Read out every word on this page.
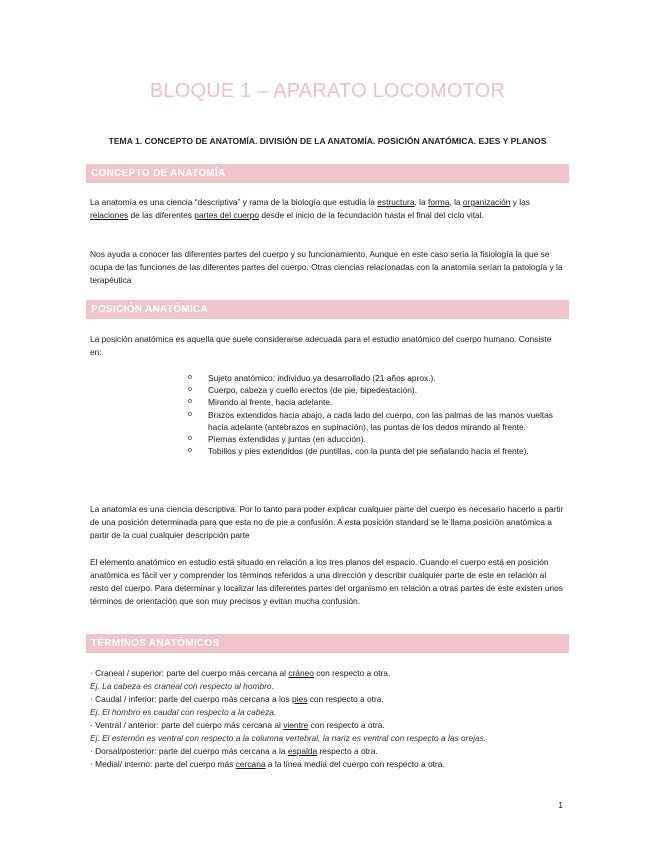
BLOQUE 1 – APARATO LOCOMOTOR
TEMA 1. CONCEPTO DE ANATOMÍA. DIVISIÓN DE LA ANATOMÍA. POSICIÓN ANATÓMICA. EJES Y PLANOS
CONCEPTO DE ANATOMÍA

La anatomía es una ciencia “descriptiva” y rama de la biología que estudia la estructura, la forma, la organización y las relaciones de las diferentes partes del cuerpo desde el inicio de la fecundación hasta el final del ciclo vital.

Nos ayuda a conocer las diferentes partes del cuerpo y su funcionamiento. Aunque en este caso sería la fisiología la que se ocupa de las funciones de las diferentes partes del cuerpo. Otras ciencias relacionadas con la anatomía serían la patología y la terapéutica

POSICIÓN ANATÓMICA

La posición anatómica es aquella que suele considerarse adecuada para el estudio anatómico del cuerpo humano. Consiste en:

o Sujeto anatómico: individuo ya desarrollado (21 años aprox.).
o Cuerpo, cabeza y cuello erectos (de pie, bipedestación).
o Mirando al frente, hacia adelante.
o Brazos extendidos hacia abajo, a cada lado del cuerpo, con las palmas de las manos vueltas hacia adelante (antebrazos en supinación), las puntas de los dedos mirando al frente.
o Piernas extendidas y juntas (en aducción).
o Tobillos y pies extendidos (de puntillas, con la punta del pie señalando hacia el frente).

La anatomía es una ciencia descriptiva. Por lo tanto para poder explicar cualquier parte del cuerpo es necesario hacerlo a partir de una posición determinada para que esta no de pie a confusión. A esta posición standard se le llama posición anatómica a partir de la cual cualquier descripción parte

El elemento anatómico en estudio está situado en relación a los tres planos del espacio. Cuando el cuerpo está en posición anatómica es fácil ver y comprender los términos referidos a una dirección y describir cualquier parte de este en relación al resto del cuerpo. Para determinar y localizar las diferentes partes del organismo en relación a otras partes de este existen unos términos de orientación que son muy precisos y evitan mucha confusión.

TÉRMINOS ANATÓMICOS
· Craneal / superior: parte del cuerpo más cercana al cráneo con respecto a otra.
Ej. La cabeza es craneal con respecto al hombro.
· Caudal / inferior: parte del cuerpo más cercana a los pies con respecto a otra.
Ej. El hombro es caudal con respecto a la cabeza.
· Ventral / anterior: parte del cuerpo más cercana al vientre con respecto a otra.
Ej. El esternón es ventral con respecto a la columna vertebral, la nariz es ventral con respecto a las orejas.
· Dorsal/posterior: parte del cuerpo más cercana a la espalda respecto a otra.
· Medial/ interno: parte del cuerpo más cercana a la línea media del cuerpo con respecto a otra.
1
